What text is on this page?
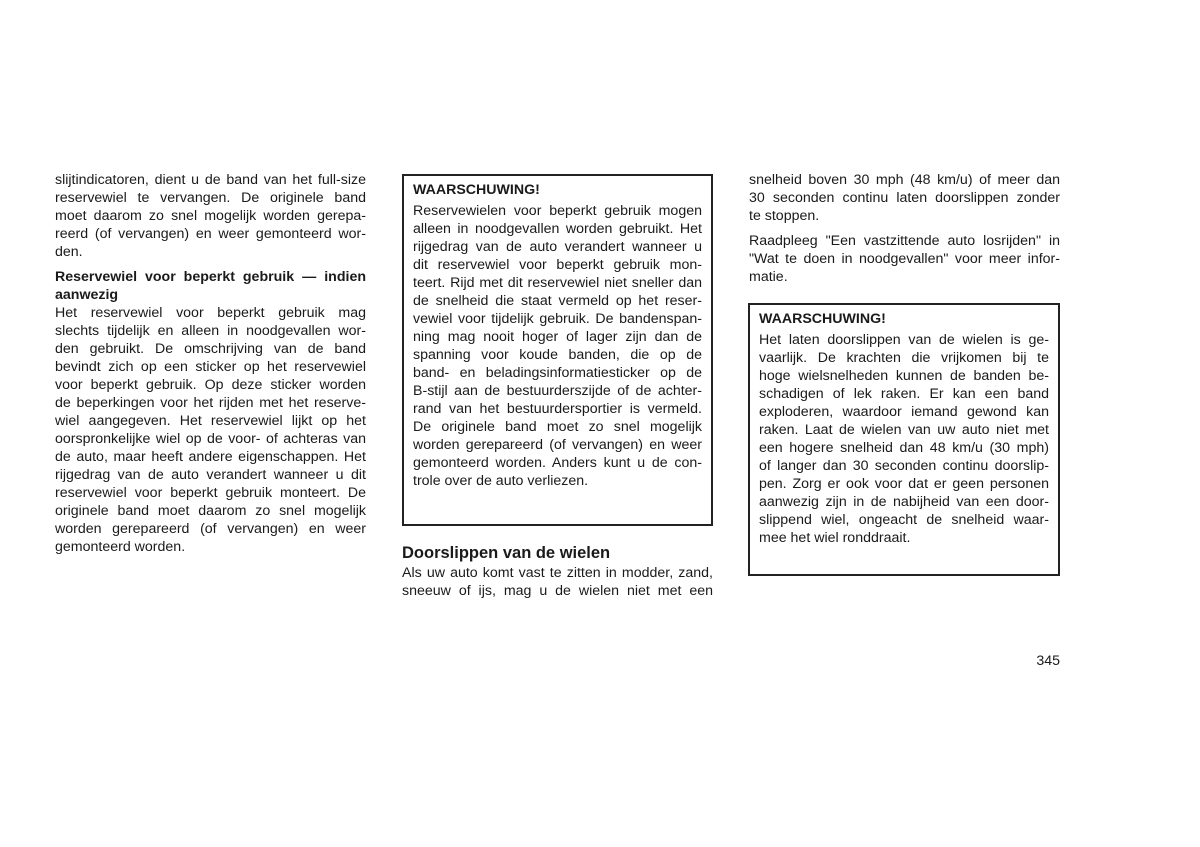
slijtindicatoren, dient u de band van het full-size
reservewiel te vervangen. De originele band
moet daarom zo snel mogelijk worden gerepa-
reerd (of vervangen) en weer gemonteerd wor-
den.
Reservewiel voor beperkt gebruik — indien
aanwezig
Het reservewiel voor beperkt gebruik mag
slechts tijdelijk en alleen in noodgevallen wor-
den gebruikt. De omschrijving van de band
bevindt zich op een sticker op het reservewiel
voor beperkt gebruik. Op deze sticker worden
de beperkingen voor het rijden met het reserve-
wiel aangegeven. Het reservewiel lijkt op het
oorspronkelijke wiel op de voor- of achteras van
de auto, maar heeft andere eigenschappen. Het
rijgedrag van de auto verandert wanneer u dit
reservewiel voor beperkt gebruik monteert. De
originele band moet daarom zo snel mogelijk
worden gerepareerd (of vervangen) en weer
gemonteerd worden.
WAARSCHUWING!
Reservewielen voor beperkt gebruik mogen
alleen in noodgevallen worden gebruikt. Het
rijgedrag van de auto verandert wanneer u
dit reservewiel voor beperkt gebruik mon-
teert. Rijd met dit reservewiel niet sneller dan
de snelheid die staat vermeld op het reser-
vewiel voor tijdelijk gebruik. De bandenspan-
ning mag nooit hoger of lager zijn dan de
spanning voor koude banden, die op de
band- en beladingsinformatiesticker op de
B-stijl aan de bestuurderszijde of de achter-
rand van het bestuurdersportier is vermeld.
De originele band moet zo snel mogelijk
worden gerepareerd (of vervangen) en weer
gemonteerd worden. Anders kunt u de con-
trole over de auto verliezen.
Doorslippen van de wielen
Als uw auto komt vast te zitten in modder, zand,
sneeuw of ijs, mag u de wielen niet met een
snelheid boven 30 mph (48 km/u) of meer dan
30 seconden continu laten doorslippen zonder
te stoppen.
Raadpleeg "Een vastzittende auto losrijden" in
"Wat te doen in noodgevallen" voor meer infor-
matie.
WAARSCHUWING!
Het laten doorslippen van de wielen is ge-
vaarlijk. De krachten die vrijkomen bij te
hoge wielsnelheden kunnen de banden be-
schadigen of lek raken. Er kan een band
exploderen, waardoor iemand gewond kan
raken. Laat de wielen van uw auto niet met
een hogere snelheid dan 48 km/u (30 mph)
of langer dan 30 seconden continu doorslip-
pen. Zorg er ook voor dat er geen personen
aanwezig zijn in de nabijheid van een door-
slippend wiel, ongeacht de snelheid waar-
mee het wiel ronddraait.
345
